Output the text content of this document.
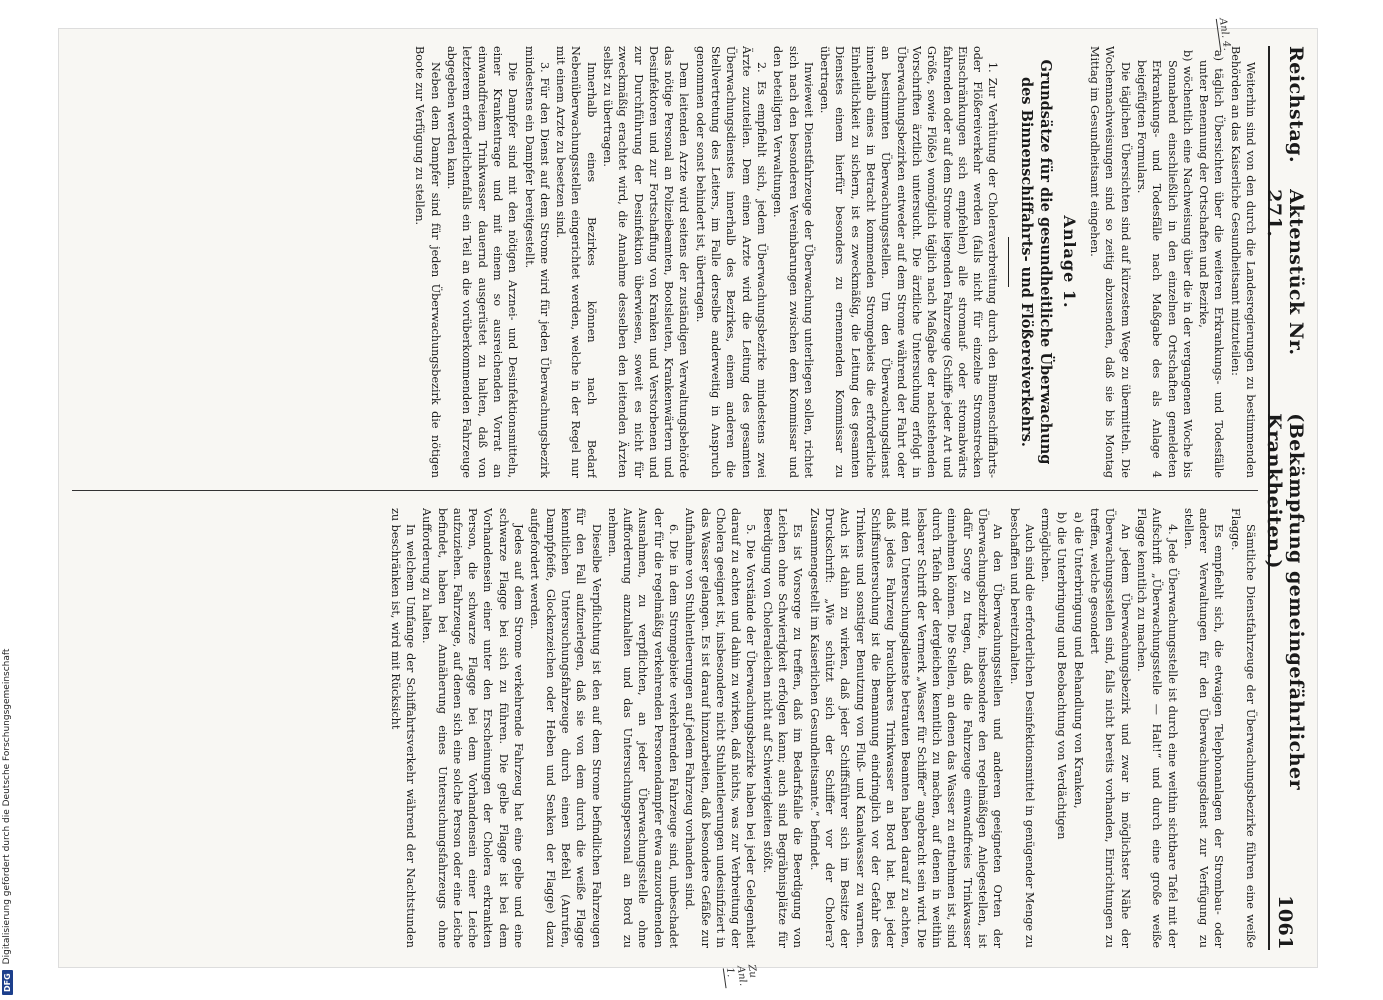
Reichstag.
Aktenstück Nr. 271.
(Bekämpfung gemeingefährlicher Krankheiten.)
1061
Anl. 4.
Zu Anl. 1.

Weiterhin sind von den durch die Landesregierungen zu bestimmenden Behörden an das Kaiserliche Gesundheitsamt mitzuteilen:

a) täglich Übersichten über die weiteren Erkrankungs- und Todesfälle unter Benennung der Ortschaften und Bezirke,

b) wöchentlich eine Nachweisung über die in der vergangenen Woche bis Sonnabend einschließlich in den einzelnen Ortschaften gemeldeten Erkrankungs- und Todesfälle nach Maßgabe des als Anlage 4 beigefügten Formulars.

Die täglichen Übersichten sind auf kürzestem Wege zu übermitteln. Die Wochennachweisungen sind so zeitig abzusenden, daß sie bis Montag Mittag im Gesundheitsamt eingehen.

Anlage 1.
Grundsätze für die gesundheitliche Überwachung des Binnenschiffahrts- und Flößereiverkehrs.

1. Zur Verhütung der Choleraverbreitung durch den Binnenschiffahrts- oder Flößereiverkehr werden (falls nicht für einzelne Stromstrecken Einschränkungen sich empfehlen) alle stromauf- oder stromabwärts fahrenden oder auf dem Strome liegenden Fahrzeuge (Schiffe jeder Art und Größe, sowie Flöße) womöglich täglich nach Maßgabe der nachstehenden Vorschriften ärztlich untersucht. Die ärztliche Untersuchung erfolgt in Überwachungsbezirken entweder auf dem Strome während der Fahrt oder an bestimmten Überwachungsstellen. Um den Überwachungsdienst innerhalb eines in Betracht kommenden Stromgebiets die erforderliche Einheitlichkeit zu sichern, ist es zweckmäßig, die Leitung des gesamten Dienstes einem hierfür besonders zu ernennenden Kommissar zu übertragen.

Inwieweit Dienstfahrzeuge der Überwachung unterliegen sollen, richtet sich nach den besonderen Vereinbarungen zwischen dem Kommissar und den beteiligten Verwaltungen.

2. Es empfiehlt sich, jedem Überwachungsbezirke mindestens zwei Ärzte zuzuteilen. Dem einen Arzte wird die Leitung des gesamten Überwachungsdienstes innerhalb des Bezirkes, einem anderen die Stellvertretung des Leiters, im Falle derselbe anderweitig in Anspruch genommen oder sonst behindert ist, übertragen.

Dem leitenden Arzte wird seitens der zuständigen Verwaltungsbehörde das nötige Personal an Polizeibeamten, Bootsleuten, Krankenwärtern und Desinfektoren und zur Fortschaffung von Kranken und Verstorbenen und zur Durchführung der Desinfektion überwiesen, soweit es nicht für zweckmäßig erachtet wird, die Annahme desselben den leitenden Ärzten selbst zu übertragen.

Innerhalb eines Bezirkes können nach Bedarf Nebenüberwachungsstellen eingerichtet werden, welche in der Regel nur mit einem Arzte zu besetzen sind.

3. Für den Dienst auf dem Strome wird für jeden Überwachungsbezirk mindestens ein Dampfer bereitgestellt.

Die Dampfer sind mit den nötigen Arznei- und Desinfektionsmitteln, einer Krankentrage und mit einem so ausreichenden Vorrat an einwandfreiem Trinkwasser dauernd ausgerüstet zu halten, daß von letzterem erforderlichenfalls ein Teil an die vorüberkommenden Fahrzeuge abgegeben werden kann.

Neben dem Dampfer sind für jeden Überwachungsbezirk die nötigen Boote zur Verfügung zu stellen.

Sämtliche Dienstfahrzeuge der Überwachungsbezirke führen eine weiße Flagge.

Es empfiehlt sich, die etwaigen Telephonanlagen der Strombau- oder anderer Verwaltungen für den Überwachungsdienst zur Verfügung zu stellen.

4. Jede Überwachungsstelle ist durch eine weithin sichtbare Tafel mit der Aufschrift „Überwachungsstelle — Halt!“ und durch eine große weiße Flagge kenntlich zu machen.

An jedem Überwachungsbezirk und zwar in möglichster Nähe der Überwachungsstellen sind, falls nicht bereits vorhanden, Einrichtungen zu treffen, welche gesondert

a) die Unterbringung und Behandlung von Kranken,

b) die Unterbringung und Beobachtung von Verdächtigen

ermöglichen.

Auch sind die erforderlichen Desinfektionsmittel in genügender Menge zu beschaffen und bereitzuhalten.

An den Überwachungsstellen und anderen geeigneten Orten der Überwachungsbezirke, insbesondere den regelmäßigen Anlegestellen, ist dafür Sorge zu tragen, daß die Fahrzeuge einwandfreies Trinkwasser einnehmen können. Die Stellen, an denen das Wasser zu entnehmen ist, sind durch Tafeln oder dergleichen kenntlich zu machen, auf denen in weithin lesbarer Schrift der Vermerk „Wasser für Schiffer“ angebracht sein wird. Die mit den Untersuchungsdienste betrauten Beamten haben darauf zu achten, daß jedes Fahrzeug brauchbares Trinkwasser an Bord hat. Bei jeder Schiffsuntersuchung ist die Bemannung eindringlich vor der Gefahr des Trinkens und sonstiger Benutzung von Fluß- und Kanalwasser zu warnen. Auch ist dahin zu wirken, daß jeder Schiffsführer sich im Besitze der Druckschrift: „Wie schützt sich der Schiffer vor der Cholera? Zusammengestellt im Kaiserlichen Gesundheitsamte.“ befindet.

Es ist Vorsorge zu treffen, daß im Bedarfsfalle die Beerdigung von Leichen ohne Schwierigkeit erfolgen kann; auch sind Begräbnisplätze für Beerdigung von Choleraleichen nicht auf Schwierigkeiten stößt.

5. Die Vorstände der Überwachungsbezirke haben bei jeder Gelegenheit darauf zu achten und dahin zu wirken, daß nichts, was zur Verbreitung der Cholera geeignet ist, insbesondere nicht Stuhlentleerungen undesinfiziert in das Wasser gelangen. Es ist darauf hinzuarbeiten, daß besondere Gefäße zur Aufnahme von Stuhlentleerungen auf jedem Fahrzeug vorhanden sind.

6. Die in dem Stromgebiete verkehrenden Fahrzeuge sind, unbeschadet der für die regelmäßig verkehrenden Personendampfer etwa anzuordnenden Ausnahmen, zu verpflichten, an jeder Überwachungsstelle ohne Aufforderung anzuhalten und das Untersuchungspersonal an Bord zu nehmen.

Dieselbe Verpflichtung ist den auf dem Strome befindlichen Fahrzeugen für den Fall aufzuerlegen, daß sie von dem durch die weiße Flagge kenntlichen Untersuchungsfahrzeuge durch einen Befehl (Anrufen, Dampfpfeife, Glockenzeichen oder Heben und Senken der Flagge) dazu aufgefordert werden.

Jedes auf dem Strome verkehrende Fahrzeug hat eine gelbe und eine schwarze Flagge bei sich zu führen. Die gelbe Flagge ist bei dem Vorhandensein einer unter den Erscheinungen der Cholera erkrankten Person, die schwarze Flagge bei dem Vorhandensein einer Leiche aufzuziehen. Fahrzeuge, auf denen sich eine solche Person oder eine Leiche befindet, haben bei Annäherung eines Untersuchungsfahrzeugs ohne Aufforderung zu halten.

In welchem Umfange der Schiffahrtsverkehr während der Nachtstunden zu beschränken ist, wird mit Rücksicht

DFG
Digitalisierung gefördert durch die Deutsche Forschungsgemeinschaft
